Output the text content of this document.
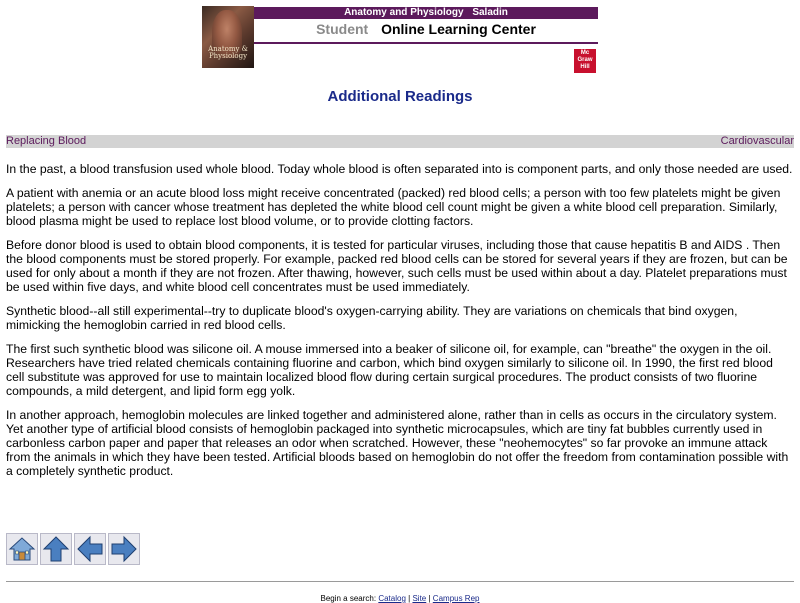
Anatomy & Physiology
Anatomy and Physiology Saladin
Student Online Learning Center
Mc Graw Hill
Additional Readings
Replacing Blood	Cardiovascular

In the past, a blood transfusion used whole blood. Today whole blood is often separated into is component parts, and only those needed are used.

A patient with anemia or an acute blood loss might receive concentrated (packed) red blood cells; a person with too few platelets might be given platelets; a person with cancer whose treatment has depleted the white blood cell count might be given a white blood cell preparation. Similarly, blood plasma might be used to replace lost blood volume, or to provide clotting factors.

Before donor blood is used to obtain blood components, it is tested for particular viruses, including those that cause hepatitis B and AIDS . Then the blood components must be stored properly. For example, packed red blood cells can be stored for several years if they are frozen, but can be used for only about a month if they are not frozen. After thawing, however, such cells must be used within about a day. Platelet preparations must be used within five days, and white blood cell concentrates must be used immediately.

Synthetic blood--all still experimental--try to duplicate blood's oxygen-carrying ability. They are variations on chemicals that bind oxygen, mimicking the hemoglobin carried in red blood cells.

The first such synthetic blood was silicone oil. A mouse immersed into a beaker of silicone oil, for example, can "breathe" the oxygen in the oil. Researchers have tried related chemicals containing fluorine and carbon, which bind oxygen similarly to silicone oil. In 1990, the first red blood cell substitute was approved for use to maintain localized blood flow during certain surgical procedures. The product consists of two fluorine compounds, a mild detergent, and lipid form egg yolk.

In another approach, hemoglobin molecules are linked together and administered alone, rather than in cells as occurs in the circulatory system. Yet another type of artificial blood consists of hemoglobin packaged into synthetic microcapsules, which are tiny fat bubbles currently used in carbonless carbon paper and paper that releases an odor when scratched. However, these "neohemocytes" so far provoke an immune attack from the animals in which they have been tested. Artificial bloods based on hemoglobin do not offer the freedom from contamination possible with a completely synthetic product.

Begin a search: Catalog | Site | Campus Rep
